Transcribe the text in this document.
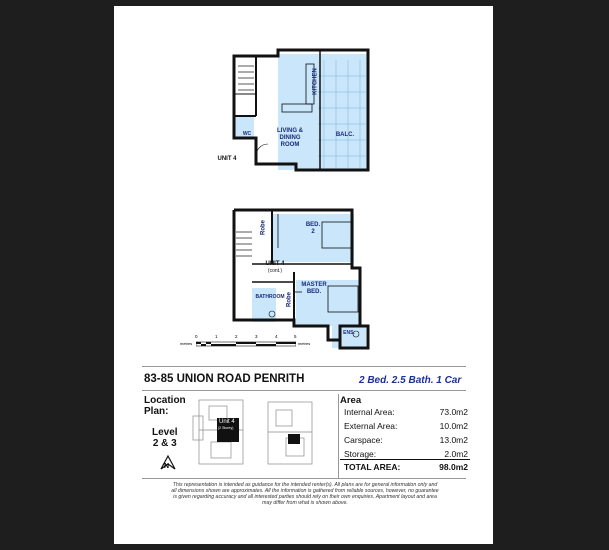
KITCHEN
WC	LIVING &
DINING
ROOM
BALC.
UNIT 4
Robe	BED.
2
UNIT 4
(cont.)
MASTER
BED.
Robe
BATHROOM
ENS.
0	1	2	3	4	5
metres	metres
83-85 UNION ROAD PENRITH	2 Bed. 2.5 Bath. 1 Car
Location
Plan:
Level
2 & 3
N
Unit 4
(2 Storey)
Area
Internal Area:	73.0m2
External Area:	10.0m2
Carspace:	13.0m2
Storage:	2.0m2
TOTAL AREA:	98.0m2
This representation is intended as guidance for the intended renter(s). All plans are for general information only and all dimensions shown are approximates. All the information is gathered from reliable sources, however, no guarantee is given regarding accuracy and all interested parties should rely on their own enquiries. Apartment layout and area may differ from what is shown above.
